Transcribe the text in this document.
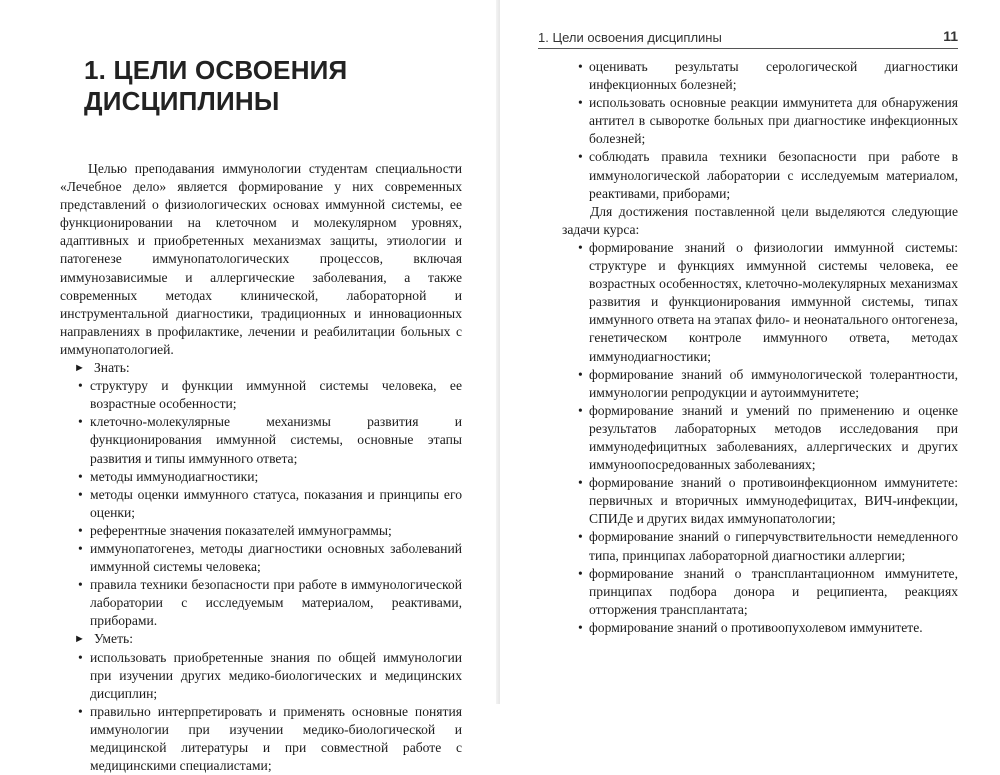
1. ЦЕЛИ ОСВОЕНИЯ ДИСЦИПЛИНЫ

Целью преподавания иммунологии студентам специальности «Лечебное дело» является формирование у них современных представлений о физиологических основах иммунной системы, ее функционировании на клеточном и молекулярном уровнях, адаптивных и приобретенных механизмах защиты, этиологии и патогенезе иммунопатологических процессов, включая иммунозависимые и аллергические заболевания, а также современных методах клинической, лабораторной и инструментальной диагностики, традиционных и инновационных направлениях в профилактике, лечении и реабилитации больных с иммунопатологией.

► Знать:
• структуру и функции иммунной системы человека, ее возрастные особенности;
• клеточно-молекулярные механизмы развития и функционирования иммунной системы, основные этапы развития и типы иммунного ответа;
• методы иммунодиагностики;
• методы оценки иммунного статуса, показания и принципы его оценки;
• референтные значения показателей иммунограммы;
• иммунопатогенез, методы диагностики основных заболеваний иммунной системы человека;
• правила техники безопасности при работе в иммунологической лаборатории с исследуемым материалом, реактивами, приборами.
► Уметь:
• использовать приобретенные знания по общей иммунологии при изучении других медико-биологических и медицинских дисциплин;
• правильно интерпретировать и применять основные понятия иммунологии при изучении медико-биологической и медицинской литературы и при совместной работе с медицинскими специалистами;
1. Цели освоения дисциплины	11
• оценивать результаты серологической диагностики инфекционных болезней;
• использовать основные реакции иммунитета для обнаружения антител в сыворотке больных при диагностике инфекционных болезней;
• соблюдать правила техники безопасности при работе в иммунологической лаборатории с исследуемым материалом, реактивами, приборами;

Для достижения поставленной цели выделяются следующие задачи курса:

• формирование знаний о физиологии иммунной системы: структуре и функциях иммунной системы человека, ее возрастных особенностях, клеточно-молекулярных механизмах развития и функционирования иммунной системы, типах иммунного ответа на этапах фило- и неонатального онтогенеза, генетическом контроле иммунного ответа, методах иммунодиагностики;
• формирование знаний об иммунологической толерантности, иммунологии репродукции и аутоиммунитете;
• формирование знаний и умений по применению и оценке результатов лабораторных методов исследования при иммунодефицитных заболеваниях, аллергических и других иммуноопосредованных заболеваниях;
• формирование знаний о противоинфекционном иммунитете: первичных и вторичных иммунодефицитах, ВИЧ-инфекции, СПИДе и других видах иммунопатологии;
• формирование знаний о гиперчувствительности немедленного типа, принципах лабораторной диагностики аллергии;
• формирование знаний о трансплантационном иммунитете, принципах подбора донора и реципиента, реакциях отторжения трансплантата;
• формирование знаний о противоопухолевом иммунитете.
